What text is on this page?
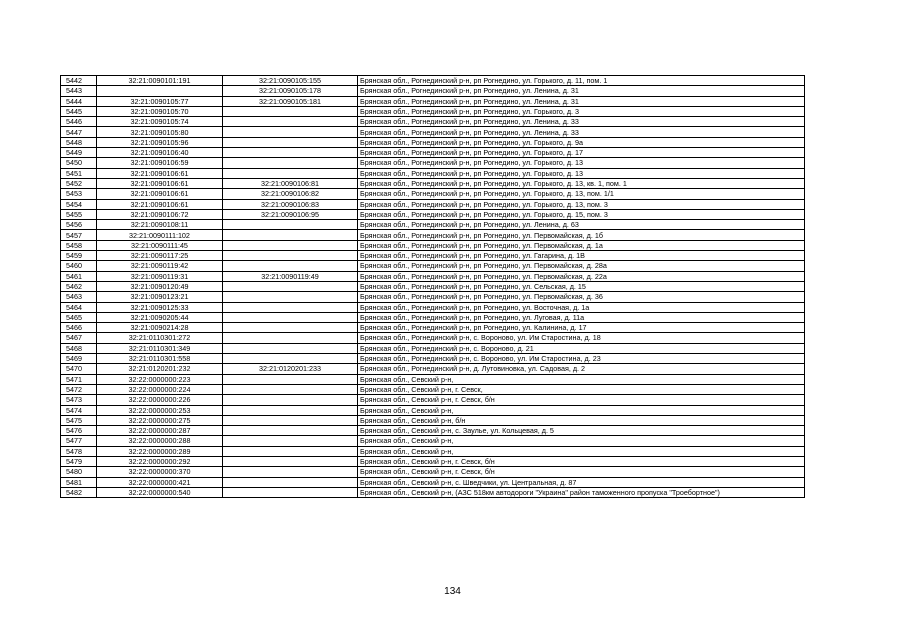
5442	32:21:0090101:191	32:21:0090105:155	Брянская обл., Рогнединский р-н, рп Рогнедино, ул. Горького, д. 11, пом. 1
5443		32:21:0090105:178	Брянская обл., Рогнединский р-н, рп Рогнедино, ул. Ленина, д. 31
5444	32:21:0090105:77	32:21:0090105:181	Брянская обл., Рогнединский р-н, рп Рогнедино, ул. Ленина, д. 31
5445	32:21:0090105:70		Брянская обл., Рогнединский р-н, рп Рогнедино, ул. Горького, д. 3
5446	32:21:0090105:74		Брянская обл., Рогнединский р-н, рп Рогнедино, ул. Ленина, д. 33
5447	32:21:0090105:80		Брянская обл., Рогнединский р-н, рп Рогнедино, ул. Ленина, д. 33
5448	32:21:0090105:96		Брянская обл., Рогнединский р-н, рп Рогнедино, ул. Горького, д. 9а
5449	32:21:0090106:40		Брянская обл., Рогнединский р-н, рп Рогнедино, ул. Горького, д. 17
5450	32:21:0090106:59		Брянская обл., Рогнединский р-н, рп Рогнедино, ул. Горького, д. 13
5451	32:21:0090106:61		Брянская обл., Рогнединский р-н, рп Рогнедино, ул. Горького, д. 13
5452	32:21:0090106:61	32:21:0090106:81	Брянская обл., Рогнединский р-н, рп Рогнедино, ул. Горького, д. 13, кв. 1, пом. 1
5453	32:21:0090106:61	32:21:0090106:82	Брянская обл., Рогнединский р-н, рп Рогнедино, ул. Горького, д. 13, пом. 1/1
5454	32:21:0090106:61	32:21:0090106:83	Брянская обл., Рогнединский р-н, рп Рогнедино, ул. Горького, д. 13, пом. 3
5455	32:21:0090106:72	32:21:0090106:95	Брянская обл., Рогнединский р-н, рп Рогнедино, ул. Горького, д. 15, пом. 3
5456	32:21:0090108:11		Брянская обл., Рогнединский р-н, рп Рогнедино, ул. Ленина, д. 63
5457	32:21:0090111:102		Брянская обл., Рогнединский р-н, рп Рогнедино, ул. Первомайская, д. 1б
5458	32:21:0090111:45		Брянская обл., Рогнединский р-н, рп Рогнедино, ул. Первомайская, д. 1а
5459	32:21:0090117:25		Брянская обл., Рогнединский р-н, рп Рогнедино, ул. Гагарина, д. 1В
5460	32:21:0090119:42		Брянская обл., Рогнединский р-н, рп Рогнедино, ул. Первомайская, д. 28а
5461	32:21:0090119:31	32:21:0090119:49	Брянская обл., Рогнединский р-н, рп Рогнедино, ул. Первомайская, д. 22а
5462	32:21:0090120:49		Брянская обл., Рогнединский р-н, рп Рогнедино, ул. Сельская, д. 15
5463	32:21:0090123:21		Брянская обл., Рогнединский р-н, рп Рогнедино, ул. Первомайская, д. 36
5464	32:21:0090125:33		Брянская обл., Рогнединский р-н, рп Рогнедино, ул. Восточная, д. 1а
5465	32:21:0090205:44		Брянская обл., Рогнединский р-н, рп Рогнедино, ул. Луговая, д. 11а
5466	32:21:0090214:28		Брянская обл., Рогнединский р-н, рп Рогнедино, ул. Калинина, д. 17
5467	32:21:0110301:272		Брянская обл., Рогнединский р-н, с. Вороново, ул. Им Старостина, д. 18
5468	32:21:0110301:349		Брянская обл., Рогнединский р-н, с. Вороново, д. 21
5469	32:21:0110301:558		Брянская обл., Рогнединский р-н, с. Вороново, ул. Им Старостина, д. 23
5470	32:21:0120201:232	32:21:0120201:233	Брянская обл., Рогнединский р-н, д. Лутовиновка, ул. Садовая, д. 2
5471	32:22:0000000:223		Брянская обл., Севский р-н,
5472	32:22:0000000:224		Брянская обл., Севский р-н, г. Севск,
5473	32:22:0000000:226		Брянская обл., Севский р-н, г. Севск, б/н
5474	32:22:0000000:253		Брянская обл., Севский р-н,
5475	32:22:0000000:275		Брянская обл., Севский р-н, б/н
5476	32:22:0000000:287		Брянская обл., Севский р-н, с. Заулье, ул. Кольцевая, д. 5
5477	32:22:0000000:288		Брянская обл., Севский р-н,
5478	32:22:0000000:289		Брянская обл., Севский р-н,
5479	32:22:0000000:292		Брянская обл., Севский р-н, г. Севск, б/н
5480	32:22:0000000:370		Брянская обл., Севский р-н, г. Севск, б/н
5481	32:22:0000000:421		Брянская обл., Севский р-н, с. Шведчики, ул. Центральная, д. 87
5482	32:22:0000000:540		Брянская обл., Севский р-н, (АЗС 518км автодороги "Украина" район таможенного пропуска "Троебортное")
134
